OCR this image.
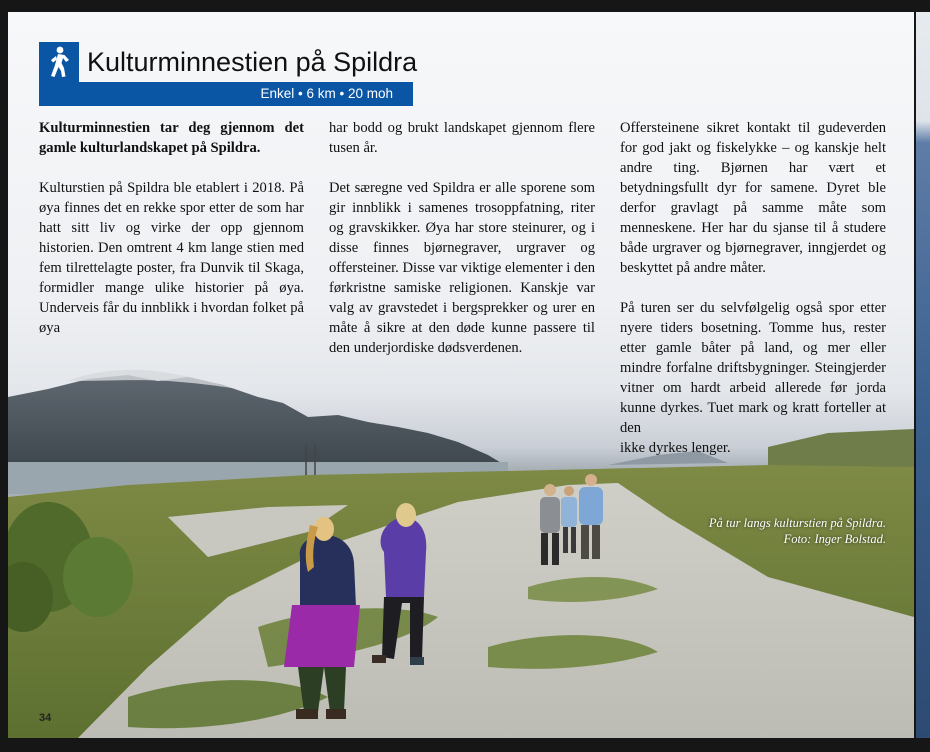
Kulturminnestien på Spildra
Enkel • 6 km • 20 moh

Kulturminnestien tar deg gjennom det gamle kulturlandskapet på Spildra.

Kulturstien på Spildra ble etablert i 2018. På øya finnes det en rekke spor etter de som har hatt sitt liv og virke der opp gjennom historien. Den omtrent 4 km lange stien med fem tilrettelagte poster, fra Dunvik til Skaga, formidler mange ulike historier på øya. Underveis får du innblikk i hvordan folket på øya

har bodd og brukt landskapet gjennom flere tusen år.

Det særegne ved Spildra er alle sporene som gir innblikk i samenes trosoppfatning, riter og gravskikker. Øya har store steinurer, og i disse finnes bjørnegraver, urgraver og offersteiner. Disse var viktige elementer i den førkristne samiske religionen. Kanskje var valg av gravstedet i bergsprekker og urer en måte å sikre at den døde kunne passere til den underjordiske dødsverdenen.

Offersteinene sikret kontakt til gudeverden for god jakt og fiskelykke – og kanskje helt andre ting. Bjørnen har vært et betydningsfullt dyr for samene. Dyret ble derfor gravlagt på samme måte som menneskene. Her har du sjanse til å studere både urgraver og bjørnegraver, inngjerdet og beskyttet på andre måter.

På turen ser du selvfølgelig også spor etter nyere tiders bosetning. Tomme hus, rester etter gamle båter på land, og mer eller mindre forfalne driftsbygninger. Steingjerder vitner om hardt arbeid allerede før jorda kunne dyrkes. Tuet mark og kratt forteller at den

ikke dyrkes lenger.

På tur langs kulturstien på Spildra.
Foto: Inger Bolstad.
34
